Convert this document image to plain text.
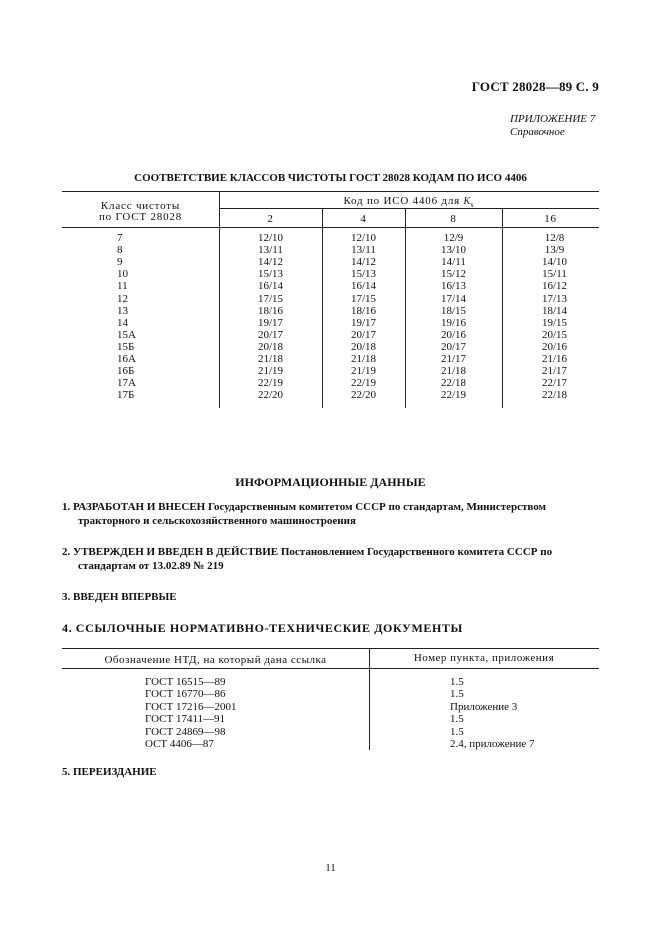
ГОСТ 28028—89 С. 9
ПРИЛОЖЕНИЕ 7
Справочное
СООТВЕТСТВИЕ КЛАССОВ ЧИСТОТЫ ГОСТ 28028 КОДАМ ПО ИСО 4406
Класс чистоты
по ГОСТ 28028
Код по ИСО 4406 для $K_x$
2	4	8	16
7	12/10	12/10	12/9	12/8
8	13/11	13/11	13/10	13/9
9	14/12	14/12	14/11	14/10
10	15/13	15/13	15/12	15/11
11	16/14	16/14	16/13	16/12
12	17/15	17/15	17/14	17/13
13	18/16	18/16	18/15	18/14
14	19/17	19/17	19/16	19/15
15А	20/17	20/17	20/16	20/15
15Б	20/18	20/18	20/17	20/16
16А	21/18	21/18	21/17	21/16
16Б	21/19	21/19	21/18	21/17
17А	22/19	22/19	22/18	22/17
17Б	22/20	22/20	22/19	22/18
ИНФОРМАЦИОННЫЕ ДАННЫЕ
1. РАЗРАБОТАН И ВНЕСЕН Государственным комитетом СССР по стандартам, Министерством
тракторного и сельскохозяйственного машиностроения
2. УТВЕРЖДЕН И ВВЕДЕН В ДЕЙСТВИЕ Постановлением Государственного комитета СССР по
стандартам от 13.02.89 № 219
3. ВВЕДЕН ВПЕРВЫЕ
4. ССЫЛОЧНЫЕ НОРМАТИВНО-ТЕХНИЧЕСКИЕ ДОКУМЕНТЫ
Обозначение НТД, на который дана ссылка	Номер пункта, приложения
ГОСТ 16515—89	1.5
ГОСТ 16770—86	1.5
ГОСТ 17216—2001	Приложение 3
ГОСТ 17411—91	1.5
ГОСТ 24869—98	1.5
ОСТ 4406—87	2.4, приложение 7
5. ПЕРЕИЗДАНИЕ
11
